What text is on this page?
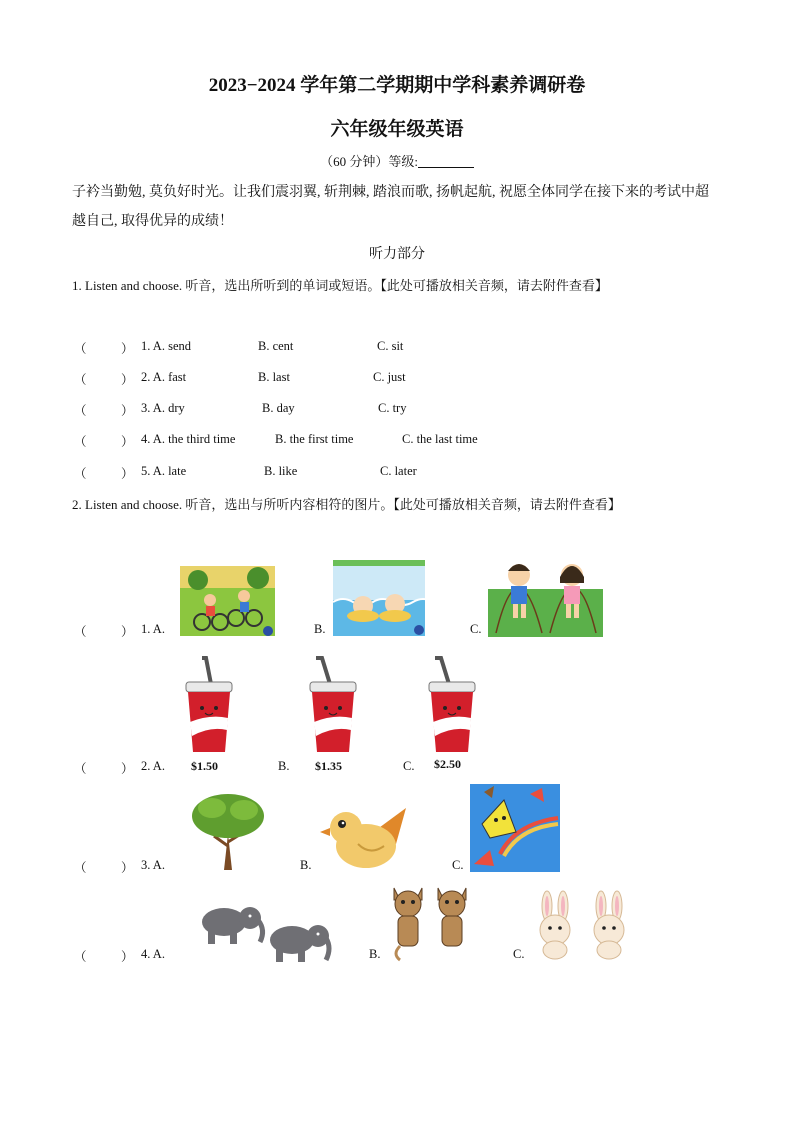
2023−2024 学年第二学期期中学科素养调研卷
六年级年级英语
（60 分钟）等级:
子衿当勤勉, 莫负好时光。让我们震羽翼, 斩荆棘, 踏浪而歌, 扬帆起航, 祝愿全体同学在接下来的考试中超越自己, 取得优异的成绩！
听力部分
1. Listen and choose. 听音，选出所听到的单词或短语。【此处可播放相关音频，请去附件查看】
（	） 1. A. send	B. cent	C. sit
（	） 2. A. fast	B. last	C. just
（	） 3. A. dry	B. day	C. try
（	） 4. A. the third time	B. the first time	C. the last time
（	） 5. A. late	B. like	C. later
2. Listen and choose. 听音，选出与所听内容相符的图片。【此处可播放相关音频，请去附件查看】
（	） 1. A.	B.	C.
（	） 2. A.	B.	C.
$1.50	$1.35	$2.50
（	） 3. A.	B.	C.
（	） 4. A.	B.	C.
